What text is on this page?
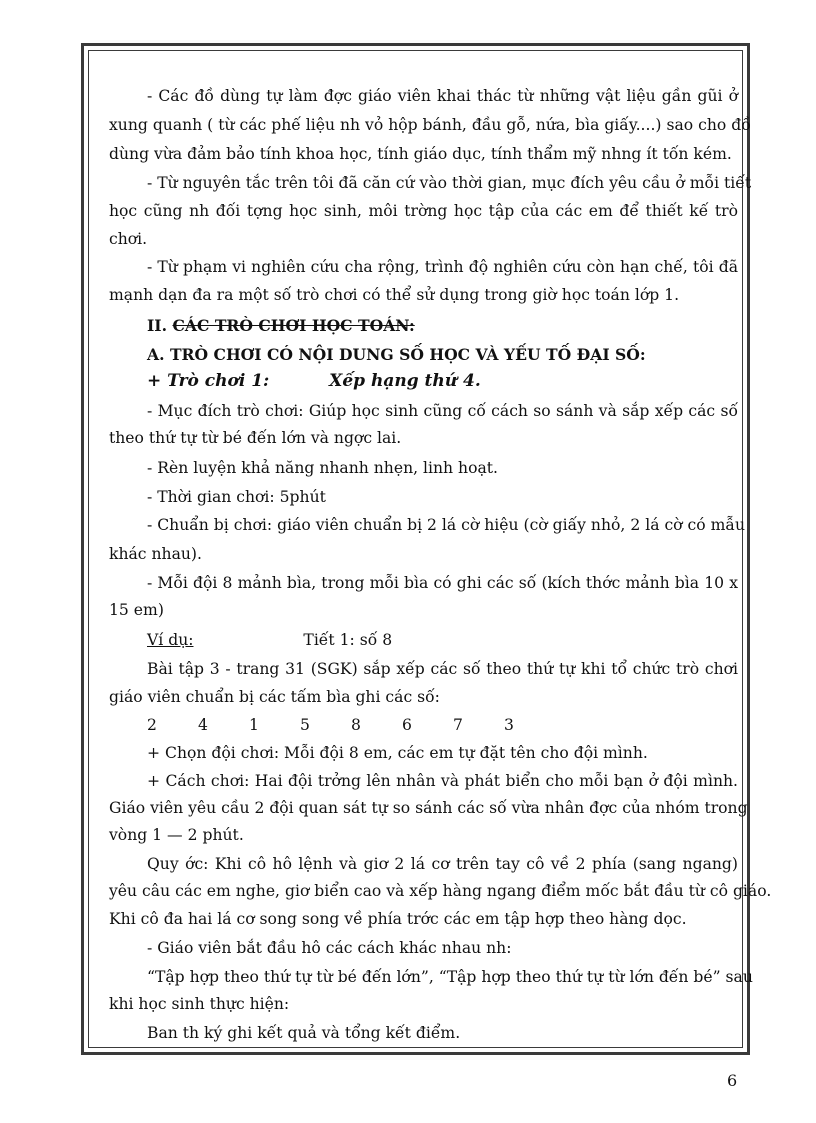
- Các đồ dùng tự làm đợc giáo viên khai thác từ những vật liệu gần gũi ở
xung quanh ( từ các phế liệu nh vỏ hộp bánh, đầu gỗ, nứa, bìa giấy....) sao cho đồ
dùng vừa đảm bảo tính khoa học, tính giáo dục, tính thẩm mỹ nhng ít tốn kém.
- Từ nguyên tắc trên tôi đã căn cứ vào thời gian, mục đích yêu cầu ở mỗi tiết
học cũng nh đối tợng học sinh, môi trờng học tập của các em để thiết kế trò
chơi.
- Từ phạm vi nghiên cứu cha rộng, trình độ nghiên cứu còn hạn chế, tôi đã
mạnh dạn đa ra một số trò chơi có thể sử dụng trong giờ học toán lớp 1.
II. CÁC TRÒ CHƠI HỌC TOÁN:
A. TRÒ CHƠI CÓ NỘI DUNG SỐ HỌC VÀ YẾU TỐ ĐẠI SỐ:
+ Trò chơi 1:	Xếp hạng thứ 4.
- Mục đích trò chơi: Giúp học sinh cũng cố cách so sánh và sắp xếp các số
theo thứ tự từ bé đến lớn và ngợc lai.
- Rèn luyện khả năng nhanh nhẹn, linh hoạt.
- Thời gian chơi: 5phút
- Chuẩn bị chơi: giáo viên chuẩn bị 2 lá cờ hiệu (cờ giấy nhỏ, 2 lá cờ có mẫu
khác nhau).
- Mỗi đội 8 mảnh bìa, trong mỗi bìa có ghi các số (kích thớc mảnh bìa 10 x
15 em)
Ví dụ:	Tiết 1: số 8
Bài tập 3 - trang 31 (SGK) sắp xếp các số theo thứ tự khi tổ chức trò chơi
giáo viên chuẩn bị các tấm bìa ghi các số:
2	4	1	5	8	6	7	3
+ Chọn đội chơi: Mỗi đội 8 em, các em tự đặt tên cho đội mình.
+ Cách chơi: Hai đội trởng lên nhân và phát biển cho mỗi bạn ở đội mình.
Giáo viên yêu cầu 2 đội quan sát tự so sánh các số vừa nhân đợc của nhóm trong
vòng 1 — 2 phút.
Quy ớc: Khi cô hô lệnh và giơ 2 lá cơ trên tay cô về 2 phía (sang ngang)
yêu câu các em nghe, giơ biển cao và xếp hàng ngang điểm mốc bắt đầu từ cô giáo.
Khi cô đa hai lá cơ song song về phía trớc các em tập hợp theo hàng dọc.
- Giáo viên bắt đầu hô các cách khác nhau nh:
“Tập hợp theo thứ tự từ bé đến lớn”, “Tập hợp theo thứ tự từ lớn đến bé” sau
khi học sinh thực hiện:
Ban th ký ghi kết quả và tổng kết điểm.
6
